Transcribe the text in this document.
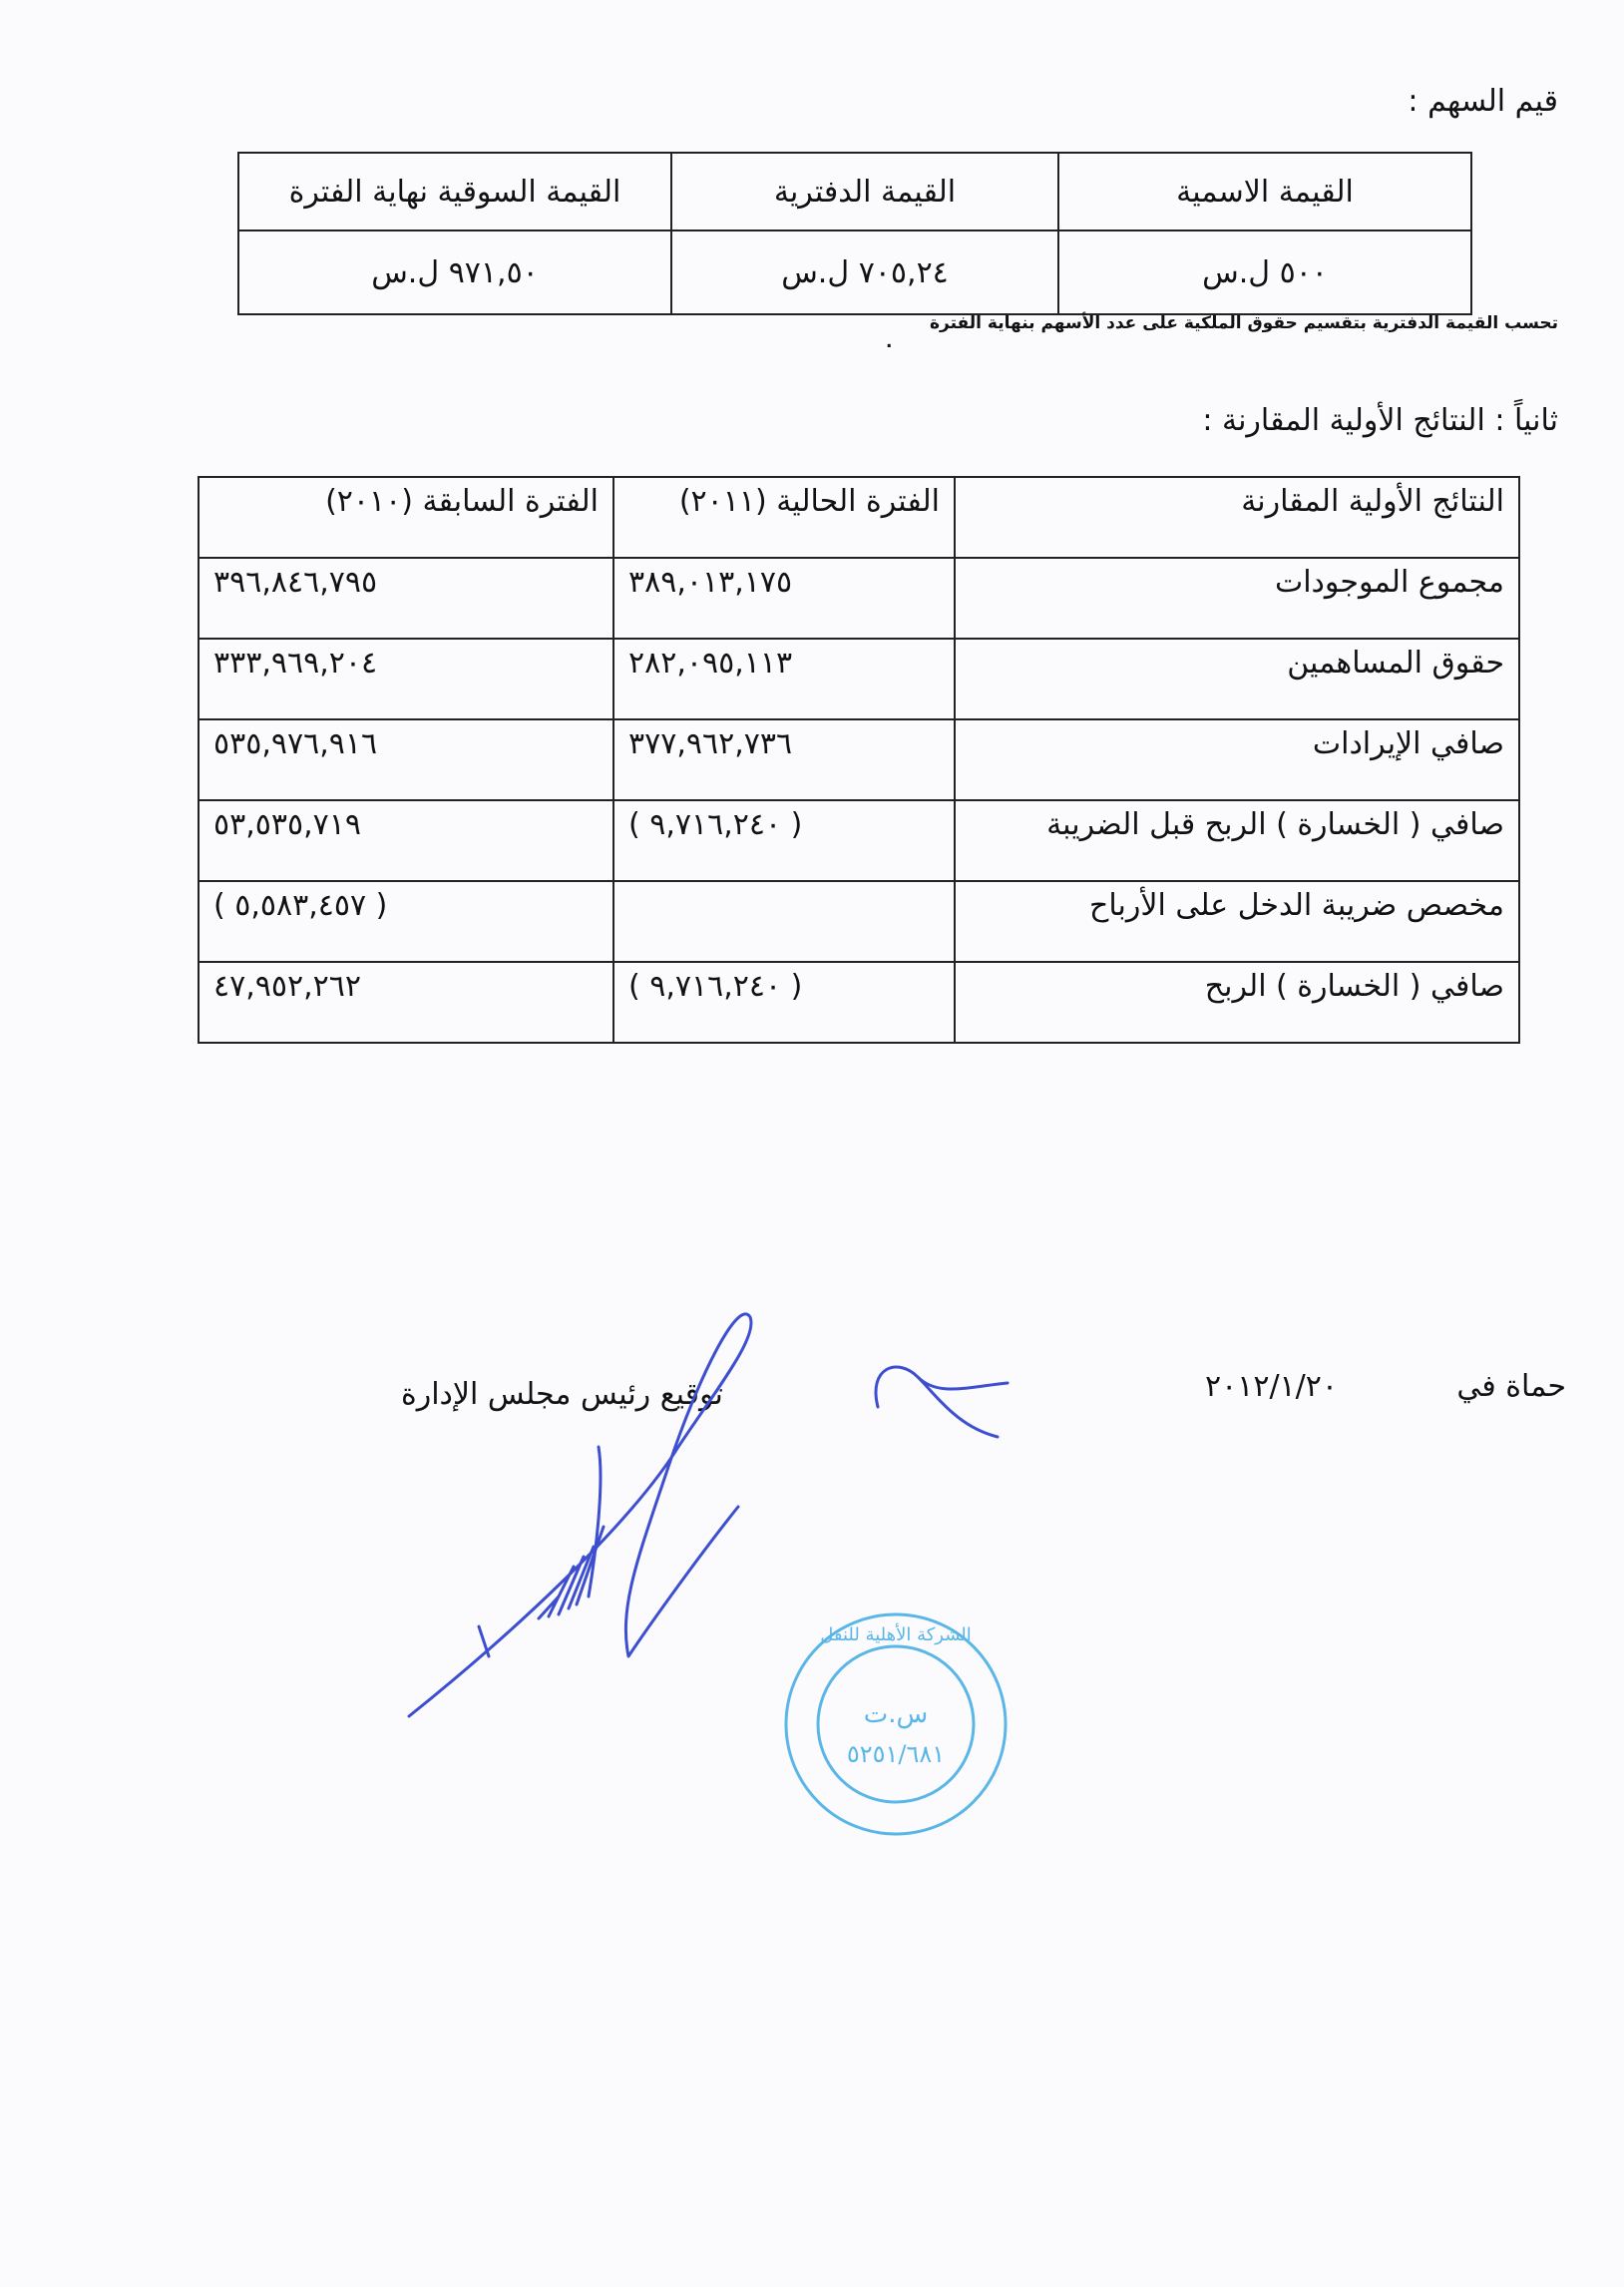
قيم السهم :
القيمة الاسمية	القيمة الدفترية	القيمة السوقية نهاية الفترة
٥٠٠ ل.س	٧٠٥,٢٤ ل.س	٩٧١,٥٠ ل.س
تحسب القيمة الدفترية بتقسيم حقوق الملكية على عدد الأسهم بنهاية الفترة
.
ثانياً : النتائج الأولية المقارنة :
النتائج الأولية المقارنة	الفترة الحالية (٢٠١١)	الفترة السابقة (٢٠١٠)
مجموع الموجودات	٣٨٩,٠١٣,١٧٥	٣٩٦,٨٤٦,٧٩٥
حقوق المساهمين	٢٨٢,٠٩٥,١١٣	٣٣٣,٩٦٩,٢٠٤
صافي الإيرادات	٣٧٧,٩٦٢,٧٣٦	٥٣٥,٩٧٦,٩١٦
صافي ( الخسارة ) الربح قبل الضريبة	( ٩,٧١٦,٢٤٠ )	٥٣,٥٣٥,٧١٩
مخصص ضريبة الدخل على الأرباح		( ٥,٥٨٣,٤٥٧ )
صافي ( الخسارة ) الربح	( ٩,٧١٦,٢٤٠ )	٤٧,٩٥٢,٢٦٢
حماة في
٢٠١٢/١/٢٠
توقيع رئيس مجلس الإدارة
س.ت
٥٢٥١/٦٨١
الشركة الأهلية للنقل
